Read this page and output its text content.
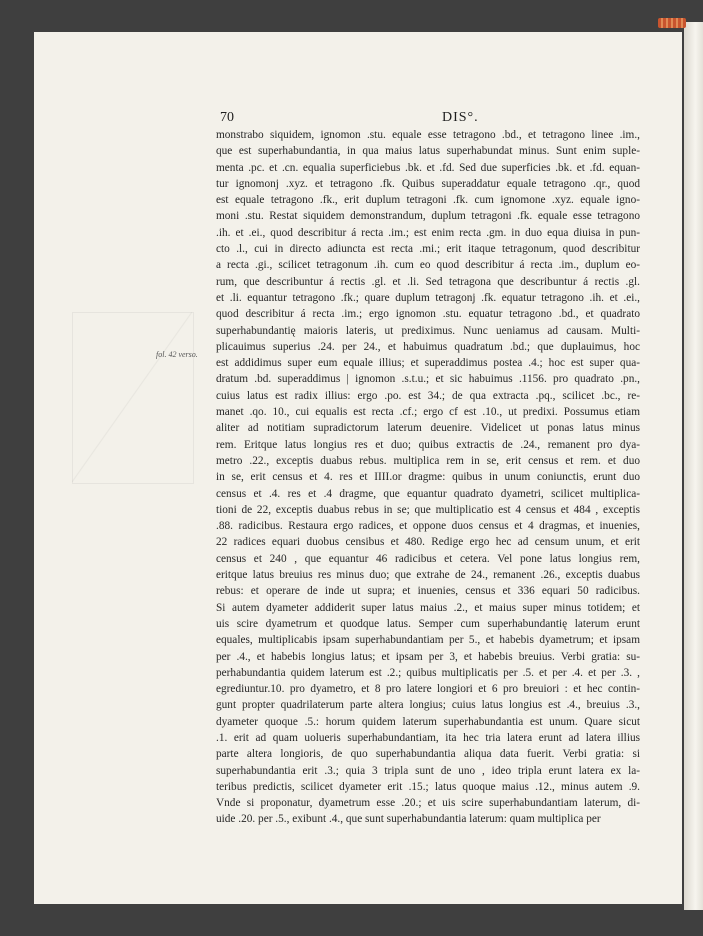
70	DIS°.
fol. 42 verso.
monstrabo siquidem, ignomon .stu. equale esse tetragono .bd., et tetragono linee .im.,
que est superhabundantia, in qua maius latus superhabundat minus. Sunt enim suple-
menta .pc. et .cn. equalia superficiebus .bk. et .fd. Sed due superficies .bk. et .fd. equan-
tur ignomonj .xyz. et tetragono .fk. Quibus superaddatur equale tetragono .qr., quod
est equale tetragono .fk., erit duplum tetragoni .fk. cum ignomone .xyz. equale igno-
moni .stu. Restat siquidem demonstrandum, duplum tetragoni .fk. equale esse tetragono
.ih. et .ei., quod describitur á recta .im.; est enim recta .gm. in duo equa diuisa in pun-
cto .l., cui in directo adiuncta est recta .mi.; erit itaque tetragonum, quod describitur
a recta .gi., scilicet tetragonum .ih. cum eo quod describitur á recta .im., duplum eo-
rum, que describuntur á rectis .gl. et .li. Sed tetragona que describuntur á rectis .gl.
et .li. equantur tetragono .fk.; quare duplum tetragonj .fk. equatur tetragono .ih. et .ei.,
quod describitur á recta .im.; ergo ignomon .stu. equatur tetragono .bd., et quadrato
superhabundantię maioris lateris, ut prediximus. Nunc ueniamus ad causam. Multi-
plicauimus superius .24. per 24., et habuimus quadratum .bd.; que duplauimus, hoc
est addidimus super eum equale illius; et superaddimus postea .4.; hoc est super qua-
dratum .bd. superaddimus | ignomon .s.t.u.; et sic habuimus .1156. pro quadrato .pn.,
cuius latus est radix illius: ergo .po. est 34.; de qua extracta .pq., scilicet .bc., re-
manet .qo. 10., cui equalis est recta .cf.; ergo cf est .10., ut predixi. Possumus etiam
aliter ad notitiam supradictorum laterum deuenire. Videlicet ut ponas latus minus
rem. Eritque latus longius res et duo; quibus extractis de .24., remanent pro dya-
metro .22., exceptis duabus rebus. multiplica rem in se, erit census et rem. et duo
in se, erit census et 4. res et IIII.or dragme: quibus in unum coniunctis, erunt duo
census et .4. res et .4 dragme, que equantur quadrato dyametri, scilicet multiplica-
tioni de 22, exceptis duabus rebus in se; que multiplicatio est 4 census et 484 , exceptis
.88. radicibus. Restaura ergo radices, et oppone duos census et 4 dragmas, et inuenies,
22 radices equari duobus censibus et 480. Redige ergo hec ad censum unum, et erit
census et 240 , que equantur 46 radicibus et cetera. Vel pone latus longius rem,
eritque latus breuius res minus duo; que extrahe de 24., remanent .26., exceptis duabus
rebus: et operare de inde ut supra; et inuenies, census et 336 equari 50 radicibus.
Si autem dyameter addiderit super latus maius .2., et maius super minus totidem; et
uis scire dyametrum et quodque latus. Semper cum superhabundantię laterum erunt
equales, multiplicabis ipsam superhabundantiam per 5., et habebis dyametrum; et ipsam
per .4., et habebis longius latus; et ipsam per 3, et habebis breuius. Verbi gratia: su-
perhabundantia quidem laterum est .2.; quibus multiplicatis per .5. et per .4. et per .3. ,
egrediuntur.10. pro dyametro, et 8 pro latere longiori et 6 pro breuiori : et hec contin-
gunt propter quadrilaterum parte altera longius; cuius latus longius est .4., breuius .3.,
dyameter quoque .5.: horum quidem laterum superhabundantia est unum. Quare sicut
.1. erit ad quam uolueris superhabundantiam, ita hec tria latera erunt ad latera illius
parte altera longioris, de quo superhabundantia aliqua data fuerit. Verbi gratia: si
superhabundantia erit .3.; quia 3 tripla sunt de uno , ideo tripla erunt latera ex la-
teribus predictis, scilicet dyameter erit .15.; latus quoque maius .12., minus autem .9.
Vnde si proponatur, dyametrum esse .20.; et uis scire superhabundantiam laterum, di-
uide .20. per .5., exibunt .4., que sunt superhabundantia laterum: quam multiplica per
